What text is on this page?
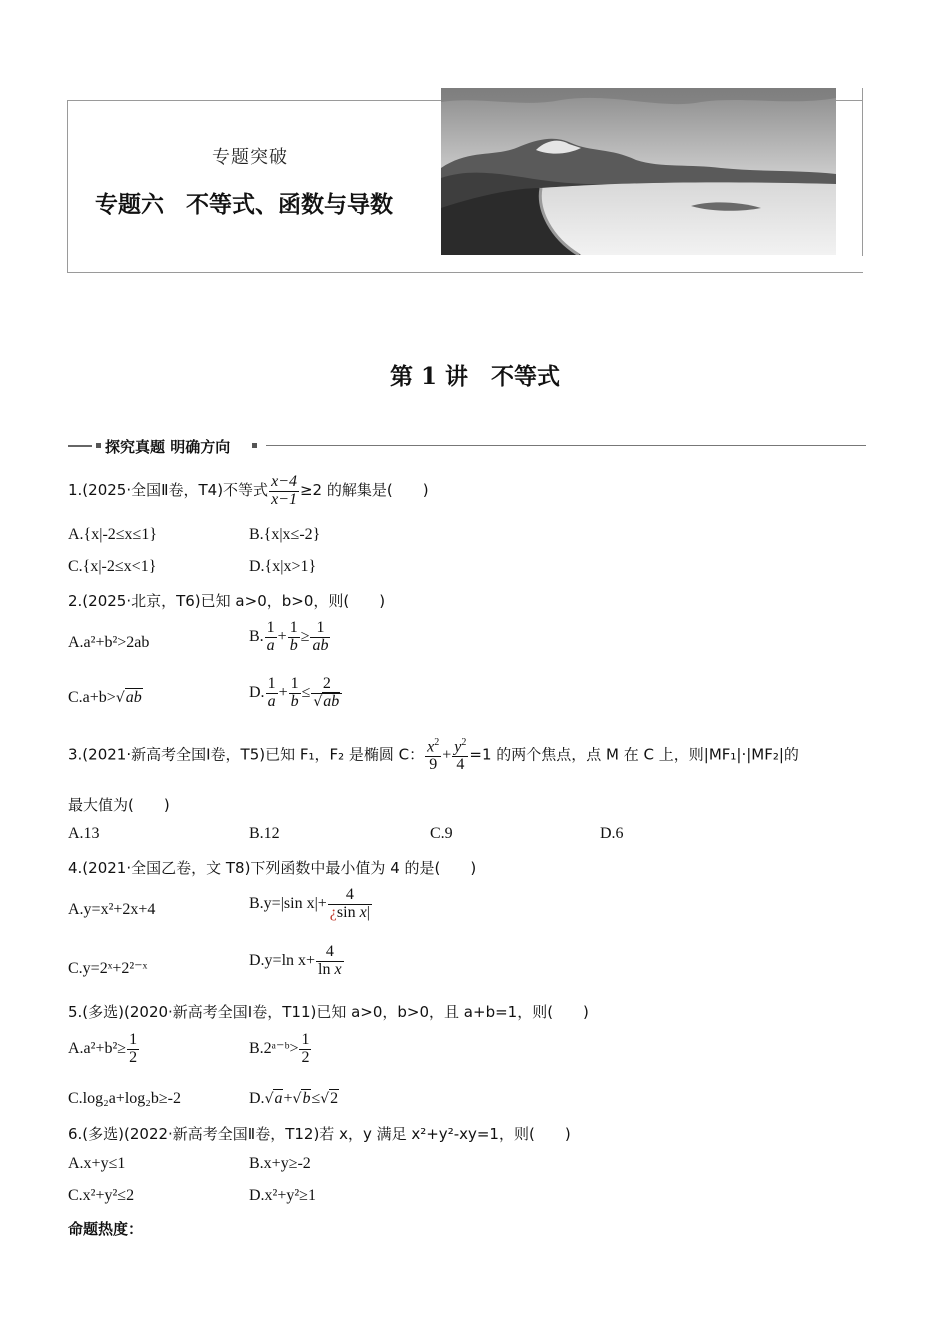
专题突破
专题六 不等式、函数与导数
第 1 讲　不等式
探究真题 明确方向
1.(2025·全国Ⅱ卷，T4)不等式 $\frac{x-4}{x-1} \ge 2$ 的解集是(　　)
A.{x|-2≤x≤1}	B.{x|x≤-2}
C.{x|-2≤x<1}	D.{x|x>1}
2.(2025·北京，T6)已知 a>0，b>0，则(　　)
A.a²+b²>2ab	B. $\frac{1}{a} + \frac{1}{b} \ge \frac{1}{ab}$
C.a+b>√ab	D. $\frac{1}{a} + \frac{1}{b} \le \frac{2}{√ab}$
3.(2021·新高考全国Ⅰ卷，T5)已知 F₁，F₂ 是椭圆 C： $\frac{x^2}{9} + \frac{y^2}{4} =1$ 的两个焦点，点 M 在 C 上，则|MF₁|·|MF₂|的
最大值为(　　)
A.13	B.12	C.9	D.6
4.(2021·全国乙卷，文 T8)下列函数中最小值为 4 的是(　　)
A.y=x²+2x+4	B.y=|sin $x|+ \frac{4}{\text{¿sin x|}}$
C.y=2ˣ+2²⁻ˣ	D.y=ln $x+ \frac{4}{\text{ln x}}$
5.(多选)(2020·新高考全国Ⅰ卷，T11)已知 a>0，b>0，且 a+b=1，则(　　)
$A.a^2+b^2\ge \frac{1}{2}$	B.2ᵃ⁻ᵇ> $\frac{1}{2}$
C.log₂a+log₂b≥-2	D.√a+√b≤√2
6.(多选)(2022·新高考全国Ⅱ卷，T12)若 x，y 满足 x²+y²-xy=1，则(　　)
A.x+y≤1	B.x+y≥-2
C.x²+y²≤2	D.x²+y²≥1
命题热度：
